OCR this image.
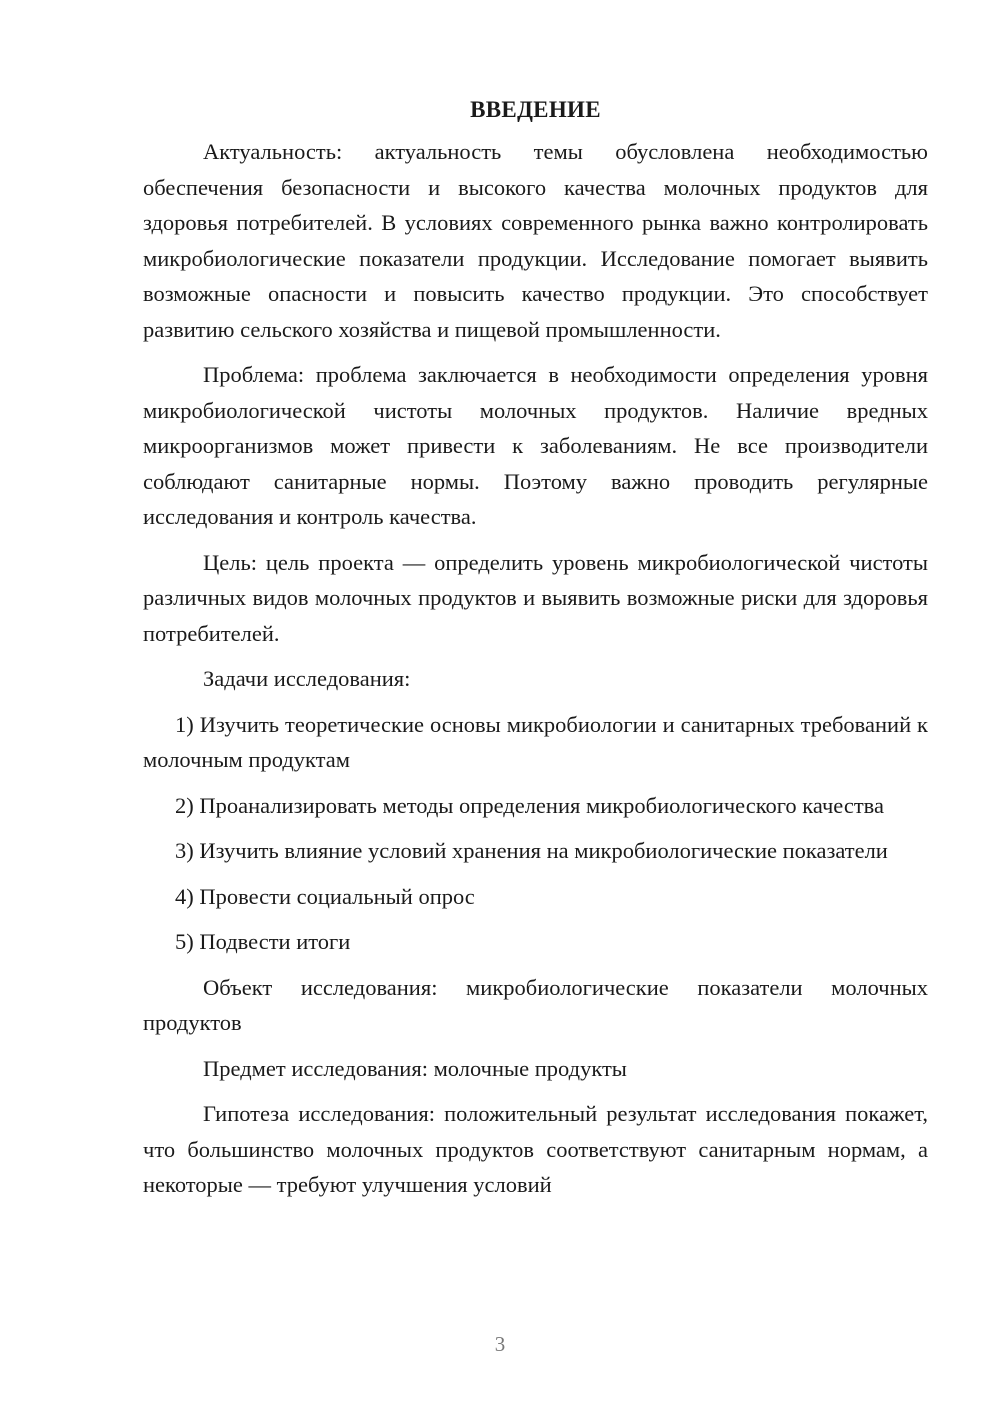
ВВЕДЕНИЕ

Актуальность: актуальность темы обусловлена необходимостью обеспечения безопасности и высокого качества молочных продуктов для здоровья потребителей. В условиях современного рынка важно контролировать микробиологические показатели продукции. Исследование помогает выявить возможные опасности и повысить качество продукции. Это способствует развитию сельского хозяйства и пищевой промышленности.

Проблема: проблема заключается в необходимости определения уровня микробиологической чистоты молочных продуктов. Наличие вредных микроорганизмов может привести к заболеваниям. Не все производители соблюдают санитарные нормы. Поэтому важно проводить регулярные исследования и контроль качества.

Цель: цель проекта — определить уровень микробиологической чистоты различных видов молочных продуктов и выявить возможные риски для здоровья потребителей.

Задачи исследования:

1) Изучить теоретические основы микробиологии и санитарных требований к молочным продуктам

2) Проанализировать методы определения микробиологического качества

3) Изучить влияние условий хранения на микробиологические показатели

4) Провести социальный опрос

5) Подвести итоги

Объект исследования: микробиологические показатели молочных продуктов

Предмет исследования: молочные продукты

Гипотеза исследования: положительный результат исследования покажет, что большинство молочных продуктов соответствуют санитарным нормам, а некоторые — требуют улучшения условий

3
